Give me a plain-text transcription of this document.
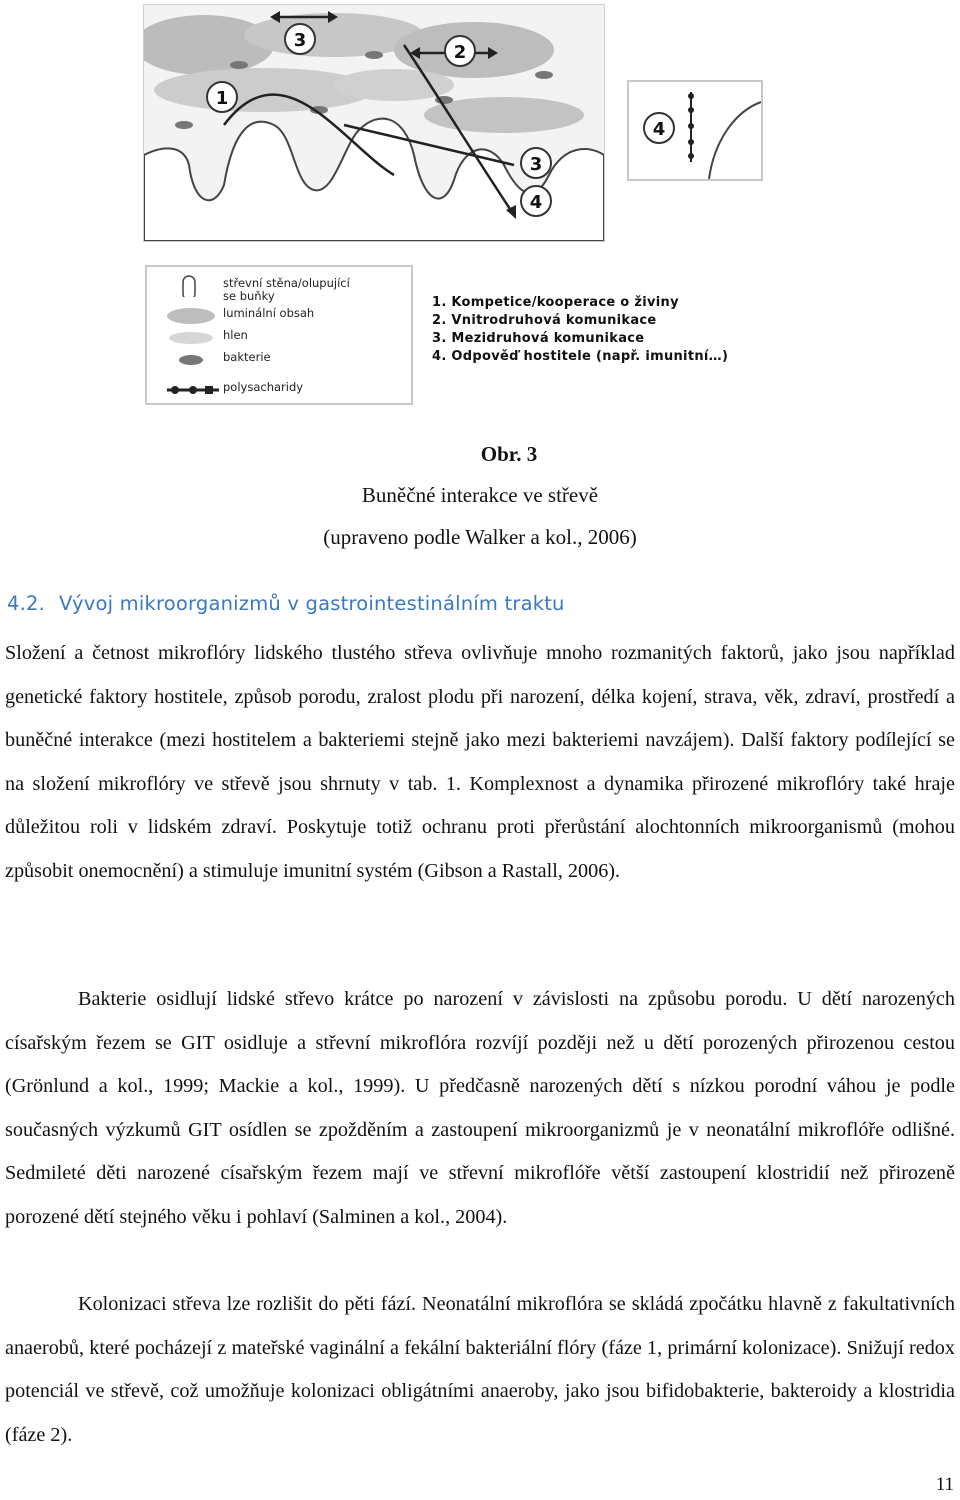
1
3
2
3
4
4
střevní stěna/olupující
se buňky
luminální obsah
hlen
bakterie
polysacharidy
1. Kompetice/kooperace o živiny
2. Vnitrodruhová komunikace
3. Mezidruhová komunikace
4. Odpověď hostitele (např. imunitní…)
Obr. 3
Buněčné interakce ve střevě
(upraveno podle Walker a kol., 2006)
4.2. Vývoj mikroorganizmů v gastrointestinálním traktu

Složení a četnost mikroflóry lidského tlustého střeva ovlivňuje mnoho rozmanitých faktorů, jako jsou například genetické faktory hostitele, způsob porodu, zralost plodu při narození, délka kojení, strava, věk, zdraví, prostředí a buněčné interakce (mezi hostitelem a bakteriemi stejně jako mezi bakteriemi navzájem). Další faktory podílející se na složení mikroflóry ve střevě jsou shrnuty v tab. 1. Komplexnost a dynamika přirozené mikroflóry také hraje důležitou roli v lidském zdraví. Poskytuje totiž ochranu proti přerůstání alochtonních mikroorganismů (mohou způsobit onemocnění) a stimuluje imunitní systém (Gibson a Rastall, 2006).

Bakterie osidlují lidské střevo krátce po narození v závislosti na způsobu porodu. U dětí narozených císařským řezem se GIT osidluje a střevní mikroflóra rozvíjí později než u dětí porozených přirozenou cestou (Grönlund a kol., 1999; Mackie a kol., 1999). U předčasně narozených dětí s nízkou porodní váhou je podle současných výzkumů GIT osídlen se zpožděním a zastoupení mikroorganizmů je v neonatální mikroflóře odlišné. Sedmileté děti narozené císařským řezem mají ve střevní mikroflóře větší zastoupení klostridií než přirozeně porozené dětí stejného věku i pohlaví (Salminen a kol., 2004).

Kolonizaci střeva lze rozlišit do pěti fází. Neonatální mikroflóra se skládá zpočátku hlavně z fakultativních anaerobů, které pocházejí z mateřské vaginální a fekální bakteriální flóry (fáze 1, primární kolonizace). Snižují redox potenciál ve střevě, což umožňuje kolonizaci obligátními anaeroby, jako jsou bifidobakterie, bakteroidy a klostridia (fáze 2).

11
